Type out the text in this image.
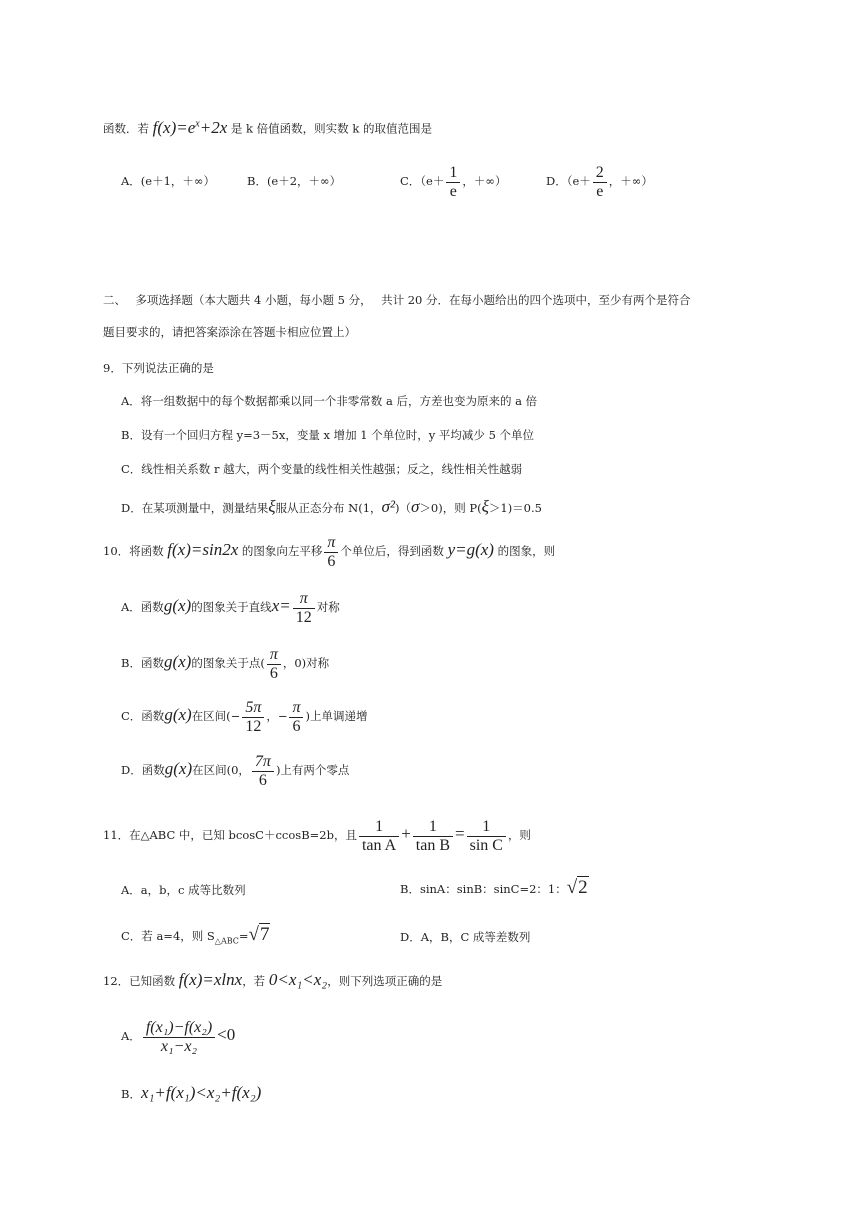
函数．若 $f(x)=e^x+2x$ 是 k 倍值函数，则实数 k 的取值范围是
A．(e＋1，＋∞）	B．(e＋2，＋∞）	C．（$e+ \frac{1}{e}$ ，＋∞）	D．（$e+ \frac{2}{e}$ ，＋∞）
二、　 多项选择题（本大题共 4 小题，每小题 5 分，　 共计 20 分．在每小题给出的四个选项中，至少有两个是符合
题目要求的，请把答案添涂在答题卡相应位置上）
9．下列说法正确的是
A．将一组数据中的每个数据都乘以同一个非零常数 a 后，方差也变为原来的 a 倍
B．设有一个回归方程 y=3－5x，变量 x 增加 1 个单位时，y 平均减少 5 个单位
C．线性相关系数 r 越大，两个变量的线性相关性越强；反之，线性相关性越弱
D．在某项测量中，测量结果ξ服从正态分布 N(1，σ²)（σ＞0)，则 P(ξ＞1)＝0.5
10．将函数 f(x)=sin2x 的图象向左平移 $\frac{\pi}{6}$ 个单位后，得到函数 y=g(x) 的图象，则
A．函数g(x)的图象关于直线$x= \frac{\pi}{12}$ 对称
B．函数g(x)的图象关于点( $\frac{\pi}{6}$ ，0)对称
C．函数g(x)在区间(− $\frac{5\pi}{12}$ ，− $\frac{\pi}{6}$ )上单调递增
D．函数g(x)在区间(0， $\frac{7\pi}{6}$ )上有两个零点
11．在△ABC 中，已知 bcosC＋ccosB=2b，且 $\frac{1}{\text{tan A}} + \frac{1}{\text{tan B}} = \frac{1}{\text{sin C}}$ ，则
A．a，b，c 成等比数列	B．sinA：sinB：sinC=2：1：√2
C．若 a=4，则 $S_{\triangle ABC}=√7$	D．A，B，C 成等差数列
12．已知函数 f(x)=xlnx，若 0<x₁<x₂，则下列选项正确的是
A． $\frac{\text{f(x₁)−f(x₂)}}{\text{x₁−x₂}} <0$
B．x₁+f(x₁)<x₂+f(x₂)
